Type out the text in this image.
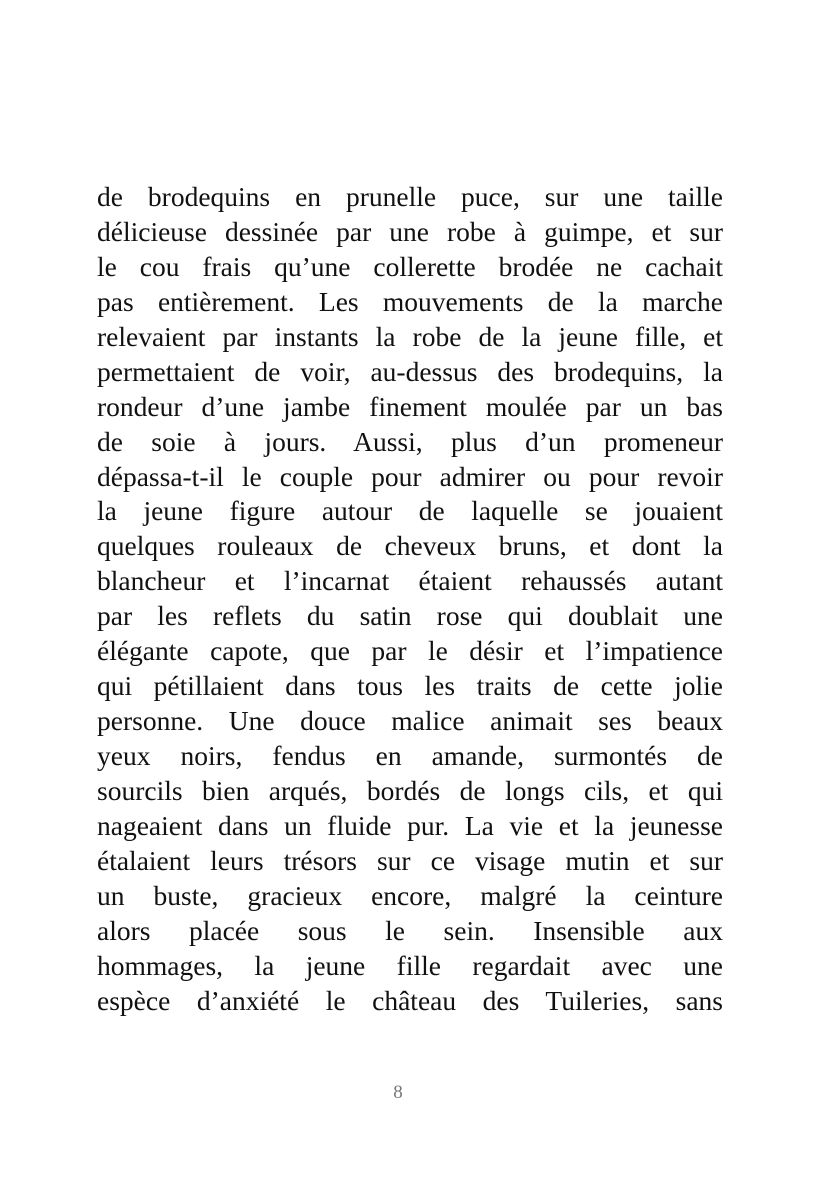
de brodequins en prunelle puce, sur une taille
délicieuse dessinée par une robe à guimpe, et sur
le cou frais qu’une collerette brodée ne cachait
pas entièrement. Les mouvements de la marche
relevaient par instants la robe de la jeune fille, et
permettaient de voir, au-dessus des brodequins, la
rondeur d’une jambe finement moulée par un bas
de soie à jours. Aussi, plus d’un promeneur
dépassa-t-il le couple pour admirer ou pour revoir
la jeune figure autour de laquelle se jouaient
quelques rouleaux de cheveux bruns, et dont la
blancheur et l’incarnat étaient rehaussés autant
par les reflets du satin rose qui doublait une
élégante capote, que par le désir et l’impatience
qui pétillaient dans tous les traits de cette jolie
personne. Une douce malice animait ses beaux
yeux noirs, fendus en amande, surmontés de
sourcils bien arqués, bordés de longs cils, et qui
nageaient dans un fluide pur. La vie et la jeunesse
étalaient leurs trésors sur ce visage mutin et sur
un buste, gracieux encore, malgré la ceinture
alors placée sous le sein. Insensible aux
hommages, la jeune fille regardait avec une
espèce d’anxiété le château des Tuileries, sans
8
